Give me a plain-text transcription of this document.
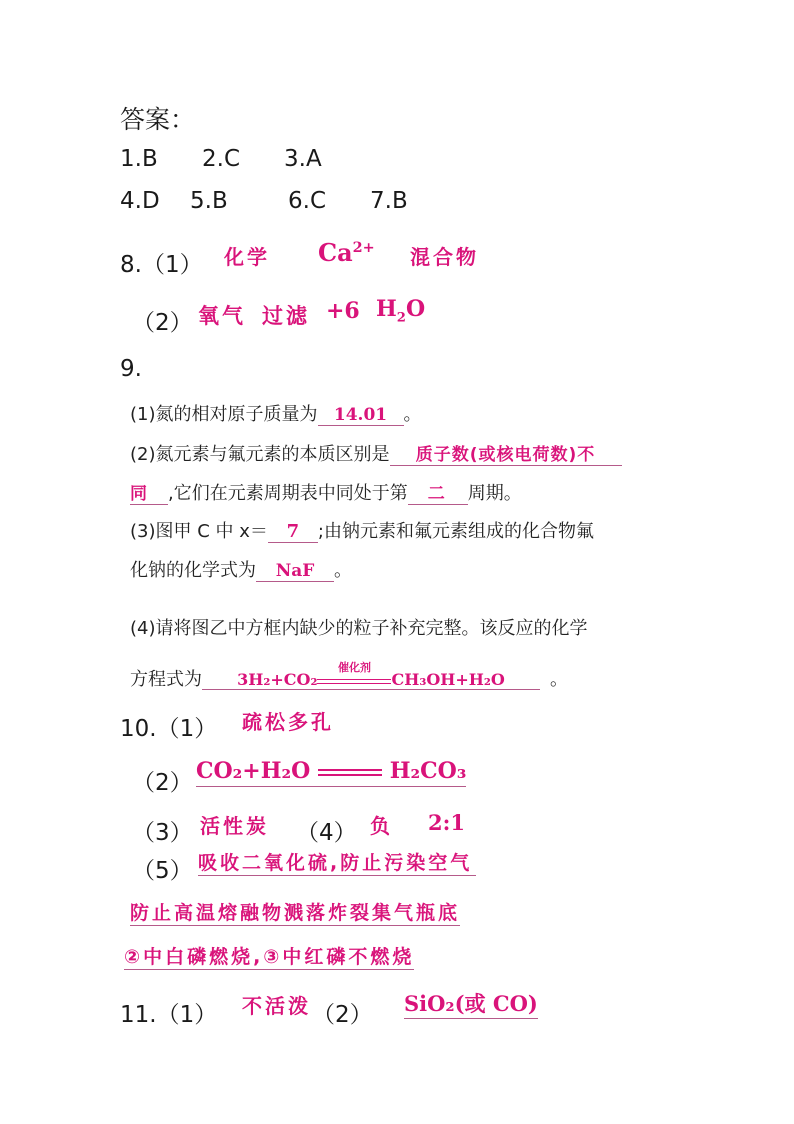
答案：
1.B 2.C 3.A
4.D 5.B	6.C 7.B
8.（1） 化学 $Ca^{2+}$ 混合物
（2） 氧气 过滤 +6 $H_2O$
9.
(1)氮的相对原子质量为 14.01 。
(2)氮元素与氟元素的本质区别是 质子数(或核电荷数)不
同 ,它们在元素周期表中同处于第 二 周期。
(3)图甲 C 中 x＝ 7 ;由钠元素和氟元素组成的化合物氟
化钠的化学式为 NaF 。
(4)请将图乙中方框内缺少的粒子补充完整。该反应的化学
方程式为 3H₂+CO₂
催化剂
CH₃OH+H₂O	。
10.（1） 疏松多孔
（2） CO₂+H₂O	H₂CO₃
（3） 活性炭 （4） 负 2:1
（5） 吸收二氧化硫,防止污染空气
防止高温熔融物溅落炸裂集气瓶底
②中白磷燃烧,③中红磷不燃烧
11.（1） 不活泼 （2） SiO₂(或 CO)
